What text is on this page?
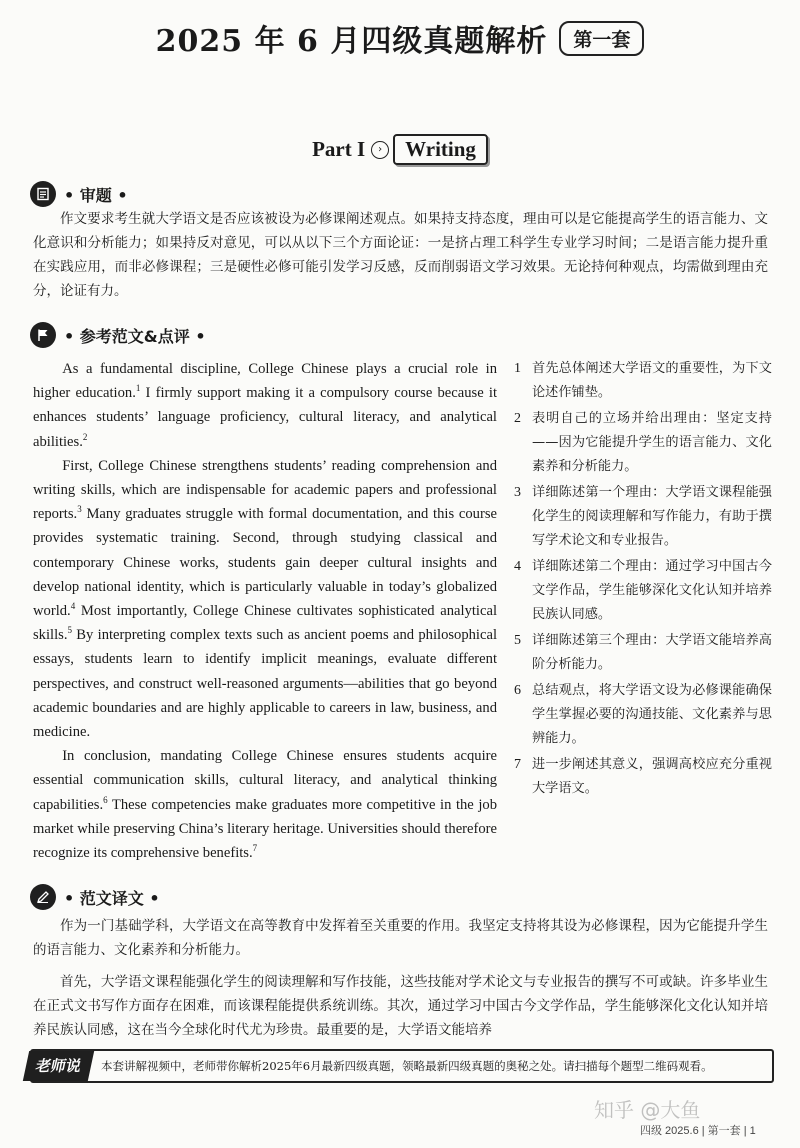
2025 年 6 月四级真题解析 第一套
Part I › Writing
• 审题 •

作文要求考生就大学语文是否应该被设为必修课阐述观点。如果持支持态度，理由可以是它能提高学生的语言能力、文化意识和分析能力；如果持反对意见，可以从以下三个方面论证：一是挤占理工科学生专业学习时间；二是语言能力提升重在实践应用，而非必修课程；三是硬性必修可能引发学习反感，反而削弱语文学习效果。无论持何种观点，均需做到理由充分，论证有力。

• 参考范文&点评 •

As a fundamental discipline, College Chinese plays a crucial role in higher education.$^1$ I firmly support making it a compulsory course because it enhances students’ language proficiency, cultural literacy, and analytical abilities.$^2$

First, College Chinese strengthens students’ reading comprehension and writing skills, which are indispensable for academic papers and professional reports.$^3$ Many graduates struggle with formal documentation, and this course provides systematic training. Second, through studying classical and contemporary Chinese works, students gain deeper cultural insights and develop national identity, which is particularly valuable in today’s globalized world.$^4$ Most importantly, College Chinese cultivates sophisticated analytical skills.$^5$ By interpreting complex texts such as ancient poems and philosophical essays, students learn to identify implicit meanings, evaluate different perspectives, and construct well-reasoned arguments—abilities that go beyond academic boundaries and are highly applicable to careers in law, business, and medicine.

In conclusion, mandating College Chinese ensures students acquire essential communication skills, cultural literacy, and analytical thinking capabilities.$^6$ These competencies make graduates more competitive in the job market while preserving China’s literary heritage. Universities should therefore recognize its comprehensive benefits.$^7$

1 首先总体阐述大学语文的重要性，为下文论述作铺垫。
2 表明自己的立场并给出理由：坚定支持——因为它能提升学生的语言能力、文化素养和分析能力。
3 详细陈述第一个理由：大学语文课程能强化学生的阅读理解和写作能力，有助于撰写学术论文和专业报告。
4 详细陈述第二个理由：通过学习中国古今文学作品，学生能够深化文化认知并培养民族认同感。
5 详细陈述第三个理由：大学语文能培养高阶分析能力。
6 总结观点，将大学语文设为必修课能确保学生掌握必要的沟通技能、文化素养与思辨能力。
7 进一步阐述其意义，强调高校应充分重视大学语文。
• 范文译文 •

作为一门基础学科，大学语文在高等教育中发挥着至关重要的作用。我坚定支持将其设为必修课程，因为它能提升学生的语言能力、文化素养和分析能力。

首先，大学语文课程能强化学生的阅读理解和写作技能，这些技能对学术论文与专业报告的撰写不可或缺。许多毕业生在正式文书写作方面存在困难，而该课程能提供系统训练。其次，通过学习中国古今文学作品，学生能够深化文化认知并培养民族认同感，这在当今全球化时代尤为珍贵。最重要的是，大学语文能培养

老师说	本套讲解视频中，老师带你解析2025年6月最新四级真题，领略最新四级真题的奥秘之处。请扫描每个题型二维码观看。
知乎 @大鱼
四级 2025.6 | 第一套 | 1
